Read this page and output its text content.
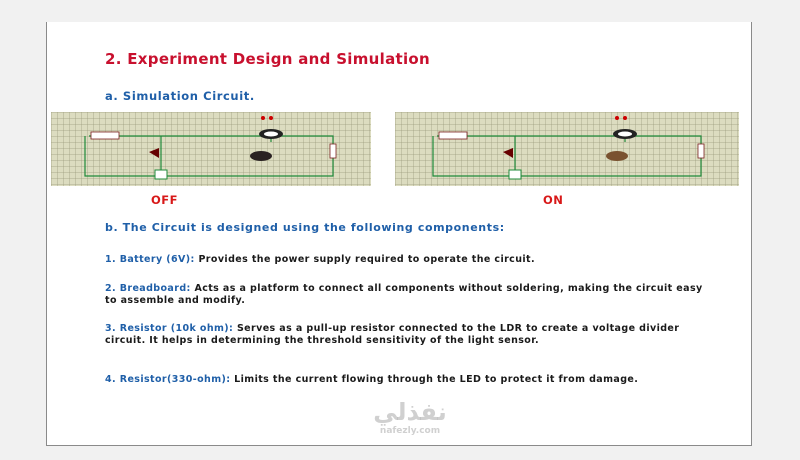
2. Experiment Design and Simulation
a. Simulation Circuit.
OFF	ON
b. The Circuit is designed using the following components:
1. Battery (6V): Provides the power supply required to operate the circuit.
2. Breadboard: Acts as a platform to connect all components without soldering, making the circuit easy to assemble and modify.
3. Resistor (10k ohm): Serves as a pull-up resistor connected to the LDR to create a voltage divider circuit. It helps in determining the threshold sensitivity of the light sensor.
4. Resistor(330-ohm): Limits the current flowing through the LED to protect it from damage.
نفذلي
nafezly.com
